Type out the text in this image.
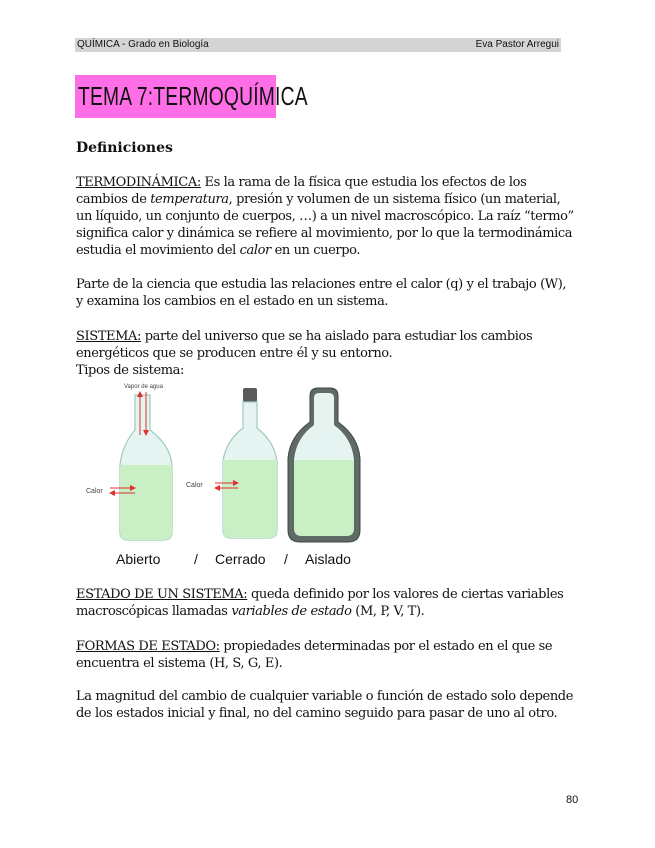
QUÍMICA - Grado en Biología	Eva Pastor Arregui
TEMA 7:TERMOQUÍMICA
Definiciones

TERMODINÁMICA: Es la rama de la física que estudia los efectos de los cambios de temperatura, presión y volumen de un sistema físico (un material, un líquido, un conjunto de cuerpos, …) a un nivel macroscópico. La raíz “termo” significa calor y dinámica se refiere al movimiento, por lo que la termodinámica estudia el movimiento del calor en un cuerpo.

Parte de la ciencia que estudia las relaciones entre el calor (q) y el trabajo (W), y examina los cambios en el estado en un sistema.

SISTEMA: parte del universo que se ha aislado para estudiar los cambios energéticos que se producen entre él y su entorno.
Tipos de sistema:

Vapor de agua
Calor
Calor
Abierto / Cerrado / Aislado

ESTADO DE UN SISTEMA: queda definido por los valores de ciertas variables macroscópicas llamadas variables de estado (M, P, V, T).

FORMAS DE ESTADO: propiedades determinadas por el estado en el que se encuentra el sistema (H, S, G, E).

La magnitud del cambio de cualquier variable o función de estado solo depende de los estados inicial y final, no del camino seguido para pasar de uno al otro.

80
